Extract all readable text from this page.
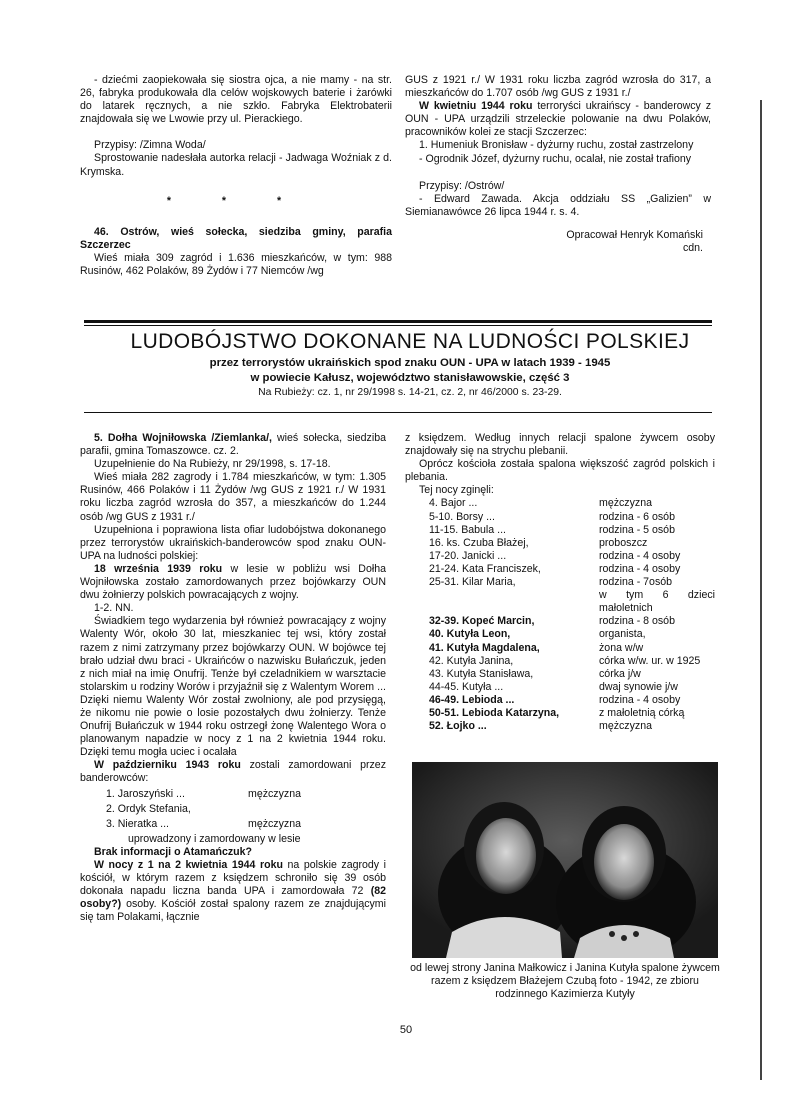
- dziećmi zaopiekowała się siostra ojca, a nie mamy - na str. 26, fabryka produkowała dla celów wojskowych baterie i żarówki do latarek ręcznych, a nie szkło. Fabryka Elektrobaterii znajdowała się we Lwowie przy ul. Pierackiego.

Przypisy: /Zimna Woda/

Sprostowanie nadesłała autorka relacji - Jadwaga Woźniak z d. Krymska.

* * *

46. Ostrów, wieś sołecka, siedziba gminy, parafia Szczerzec

Wieś miała 309 zagród i 1.636 mieszkańców, w tym: 988 Rusinów, 462 Polaków, 89 Żydów i 77 Niemców /wg

GUS z 1921 r./ W 1931 roku liczba zagród wzrosła do 317, a mieszkańców do 1.707 osób /wg GUS z 1931 r./

W kwietniu 1944 roku terroryści ukraińscy - banderowcy z OUN - UPA urządzili strzeleckie polowanie na dwu Polaków, pracowników kolei ze stacji Szczerzec:

1. Humeniuk Bronisław - dyżurny ruchu, został zastrzelony

- Ogrodnik Józef, dyżurny ruchu, ocalał, nie został trafiony

Przypisy: /Ostrów/

- Edward Zawada. Akcja oddziału SS „Galizien” w Siemianawówce 26 lipca 1944 r. s. 4.

Opracował Henryk Komański

cdn.

LUDOBÓJSTWO DOKONANE NA LUDNOŚCI POLSKIEJ
przez terrorystów ukraińskich spod znaku OUN - UPA w latach 1939 - 1945
w powiecie Kałusz, województwo stanisławowskie, część 3
Na Rubieży: cz. 1, nr 29/1998 s. 14-21, cz. 2, nr 46/2000 s. 23-29.

5. Dołha Wojniłowska /Ziemlanka/, wieś sołecka, siedziba parafii, gmina Tomaszowce. cz. 2.

Uzupełnienie do Na Rubieży, nr 29/1998, s. 17-18.

Wieś miała 282 zagrody i 1.784 mieszkańców, w tym: 1.305 Rusinów, 466 Polaków i 11 Żydów /wg GUS z 1921 r./ W 1931 roku liczba zagród wzrosła do 357, a mieszkańców do 1.244 osób /wg GUS z 1931 r./

Uzupełniona i poprawiona lista ofiar ludobójstwa dokonanego przez terrorystów ukraińskich-banderowców spod znaku OUN-UPA na ludności polskiej:

18 września 1939 roku w lesie w pobliżu wsi Dołha Wojniłowska zostało zamordowanych przez bojówkarzy OUN dwu żołnierzy polskich powracających z wojny.

1-2. NN.

Świadkiem tego wydarzenia był również powracający z wojny Walenty Wór, około 30 lat, mieszkaniec tej wsi, który został razem z nimi zatrzymany przez bojówkarzy OUN. W bojówce tej brało udział dwu braci - Ukraińców o nazwisku Bułańczuk, jeden z nich miał na imię Onufrij. Tenże był czeladnikiem w warsztacie stolarskim u rodziny Worów i przyjaźnił się z Walentym Worem ... Dzięki niemu Walenty Wór został zwolniony, ale pod przysięgą, że nikomu nie powie o losie pozostałych dwu żołnierzy. Tenże Onufrij Bułańczuk w 1944 roku ostrzegł żonę Walentego Wora o planowanym napadzie w nocy z 1 na 2 kwietnia 1944 roku. Dzięki temu mogła uciec i ocalała

W październiku 1943 roku zostali zamordowani przez banderowców:

1. Jaroszyński ...	mężczyzna
2. Ordyk Stefania,	
3. Nieratka ...	mężczyzna

uprowadzony i zamordowany w lesie

Brak informacji o Atamańczuk?

W nocy z 1 na 2 kwietnia 1944 roku na polskie zagrody i kościół, w którym razem z księdzem schroniło się 39 osób dokonała napadu liczna banda UPA i zamordowała 72 (82 osoby?) osoby. Kościół został spalony razem ze znajdującymi się tam Polakami, łącznie

z księdzem. Według innych relacji spalone żywcem osoby znajdowały się na strychu plebanii.

Oprócz kościoła została spalona większość zagród polskich i plebania.

Tej nocy zginęli:

4. Bajor ...	mężczyzna
5-10. Borsy ...	rodzina - 6 osób
11-15. Babula ...	rodzina - 5 osób
16. ks. Czuba Błażej,	proboszcz
17-20. Janicki ...	rodzina - 4 osoby
21-24. Kata Franciszek,	rodzina - 4 osoby
25-31. Kilar Maria,	rodzina - 7osób
	w tym 6 dzieci małoletnich
32-39. Kopeć Marcin,	rodzina - 8 osób
40. Kutyła Leon,	organista,
41. Kutyła Magdalena,	żona w/w
42. Kutyła Janina,	córka w/w. ur. w 1925
43. Kutyła Stanisława,	córka j/w
44-45. Kutyła ...	dwaj synowie j/w
46-49. Lebioda ...	rodzina - 4 osoby
50-51. Lebioda Katarzyna,	z małoletnią córką
52. Łojko ...	mężczyzna
od lewej strony Janina Małkowicz i Janina Kutyła spalone żywcem razem z księdzem Błażejem Czubą foto - 1942, ze zbioru rodzinnego Kazimierza Kutyły
50
